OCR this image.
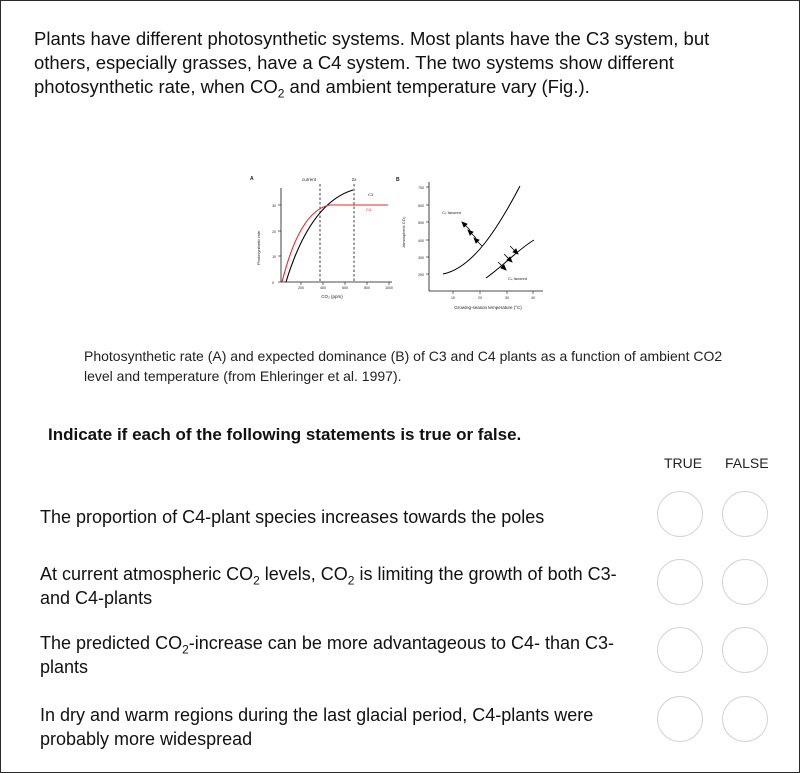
Plants have different photosynthetic systems. Most plants have the C3 system, but others, especially grasses, have a C4 system. The two systems show different photosynthetic rate, when $CO_2$ and ambient temperature vary (Fig.).
A
Photosynthetic rate
current	2x
0
10
20
30
200	400	600	800	1000
CO₂ (ppm)
C3
C4
B
Atmospheric CO₂
200
300
400
500
600
700
10	20	30	40
Growing-season temperature (°C)
C₃ favored
C₄ favored
Photosynthetic rate (A) and expected dominance (B) of C3 and C4 plants as a function of ambient CO2 level and temperature (from Ehleringer et al. 1997).
Indicate if each of the following statements is true or false.
TRUE FALSE
The proportion of C4-plant species increases towards the poles
At current atmospheric $CO_2$ levels, $CO_2$ is limiting the growth of both C3- and C4-plants
The predicted $CO_2$-increase can be more advantageous to C4- than C3-plants
In dry and warm regions during the last glacial period, C4-plants were probably more widespread
